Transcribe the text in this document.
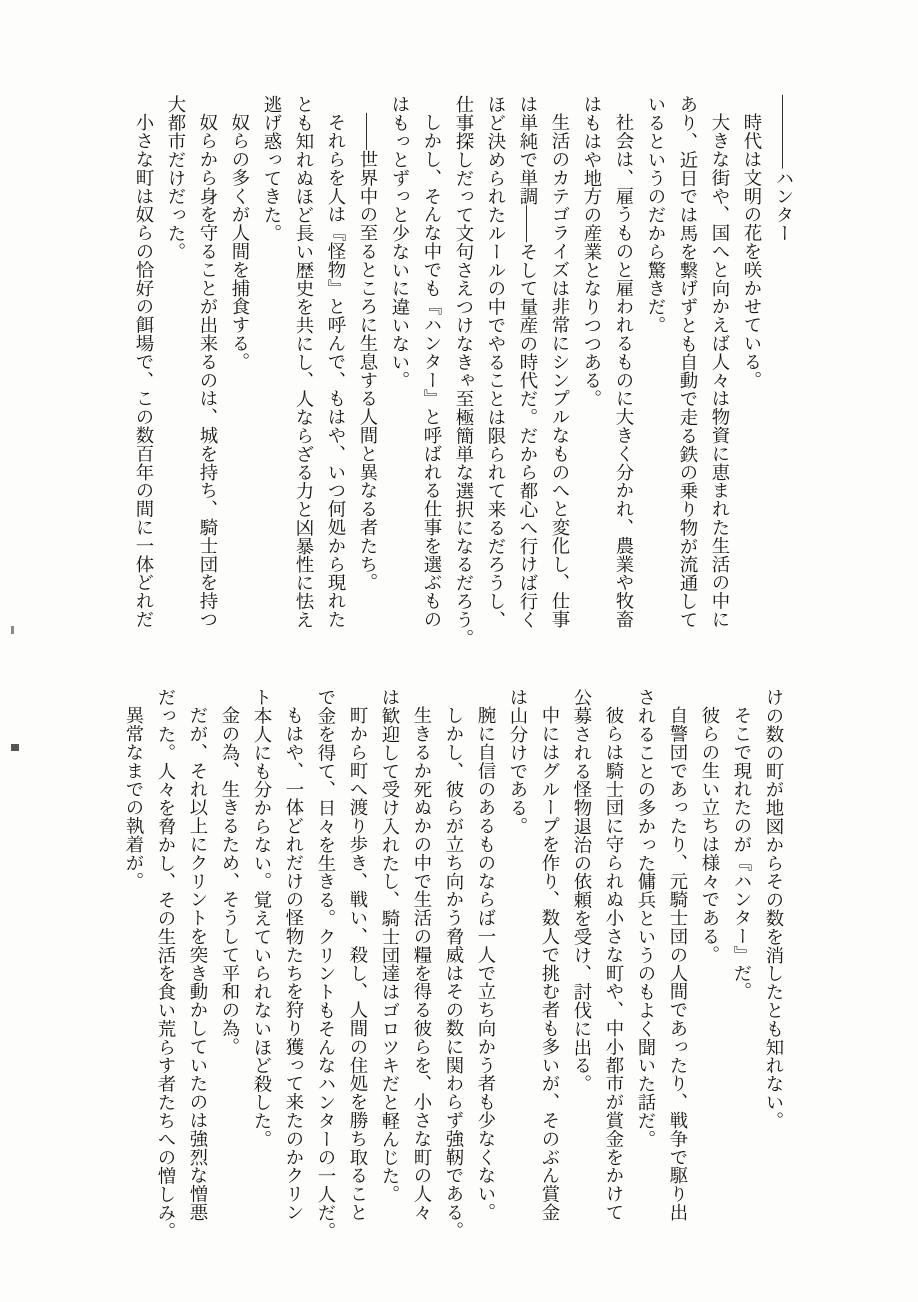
――――ハンター
時代は文明の花を咲かせている。
大きな街や、国へと向かえば人々は物資に恵まれた生活の中に
あり、近日では馬を繋げずとも自動で走る鉄の乗り物が流通して
いるというのだから驚きだ。
社会は、雇うものと雇われるものに大きく分かれ、農業や牧畜
はもはや地方の産業となりつつある。
生活のカテゴライズは非常にシンプルなものへと変化し、仕事
は単純で単調――そして量産の時代だ。だから都心へ行けば行く
ほど決められたルールの中でやることは限られて来るだろうし、
仕事探しだって文句さえつけなきゃ至極簡単な選択になるだろう。
しかし、そんな中でも『ハンター』と呼ばれる仕事を選ぶもの
はもっとずっと少ないに違いない。
――世界中の至るところに生息する人間と異なる者たち。
それらを人は『怪物』と呼んで、もはや、いつ何処から現れた
とも知れぬほど長い歴史を共にし、人ならざる力と凶暴性に怯え
逃げ惑ってきた。
奴らの多くが人間を捕食する。
奴らから身を守ることが出来るのは、城を持ち、騎士団を持つ
大都市だけだった。
小さな町は奴らの恰好の餌場で、この数百年の間に一体どれだ
けの数の町が地図からその数を消したとも知れない。
そこで現れたのが『ハンター』だ。
彼らの生い立ちは様々である。
自警団であったり、元騎士団の人間であったり、戦争で駆り出
されることの多かった傭兵というのもよく聞いた話だ。
彼らは騎士団に守られぬ小さな町や、中小都市が賞金をかけて
公募される怪物退治の依頼を受け、討伐に出る。
中にはグループを作り、数人で挑む者も多いが、そのぶん賞金
は山分けである。
腕に自信のあるものならば一人で立ち向かう者も少なくない。
しかし、彼らが立ち向かう脅威はその数に関わらず強靭である。
生きるか死ぬかの中で生活の糧を得る彼らを、小さな町の人々
は歓迎して受け入れたし、騎士団達はゴロツキだと軽んじた。
町から町へ渡り歩き、戦い、殺し、人間の住処を勝ち取ること
で金を得て、日々を生きる。クリントもそんなハンターの一人だ。
もはや、一体どれだけの怪物たちを狩り獲って来たのかクリン
ト本人にも分からない。覚えていられないほど殺した。
金の為、生きるため、そうして平和の為。
だが、それ以上にクリントを突き動かしていたのは強烈な憎悪
だった。人々を脅かし、その生活を食い荒らす者たちへの憎しみ。
異常なまでの執着が。
